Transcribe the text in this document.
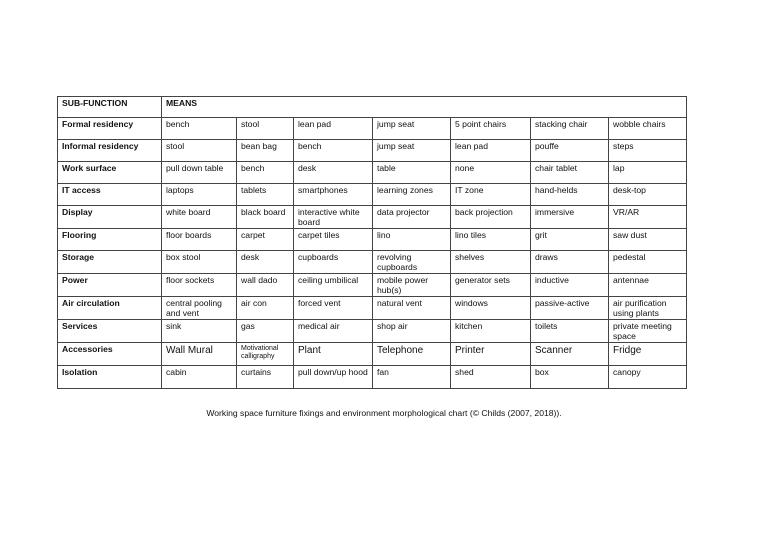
SUB-FUNCTION	MEANS						
Formal residency	bench	stool	lean pad	jump seat	5 point chairs	stacking chair	wobble chairs
Informal residency	stool	bean bag	bench	jump seat	lean pad	pouffe	steps
Work surface	pull down table	bench	desk	table	none	chair tablet	lap
IT access	laptops	tablets	smartphones	learning zones	IT zone	hand-helds	desk-top
Display	white board	black board	interactive white board	data projector	back projection	immersive	VR/AR
Flooring	floor boards	carpet	carpet tiles	lino	lino tiles	grit	saw dust
Storage	box stool	desk	cupboards	revolving cupboards	shelves	draws	pedestal
Power	floor sockets	wall dado	ceiling umbilical	mobile power hub(s)	generator sets	inductive	antennae
Air circulation	central pooling and vent	air con	forced vent	natural vent	windows	passive-active	air purification using plants
Services	sink	gas	medical air	shop air	kitchen	toilets	private meeting space
Accessories	Wall Mural	Motivational calligraphy	Plant	Telephone	Printer	Scanner	Fridge
Isolation	cabin	curtains	pull down/up hood	fan	shed	box	canopy
Working space furniture fixings and environment morphological chart (© Childs (2007, 2018)).
